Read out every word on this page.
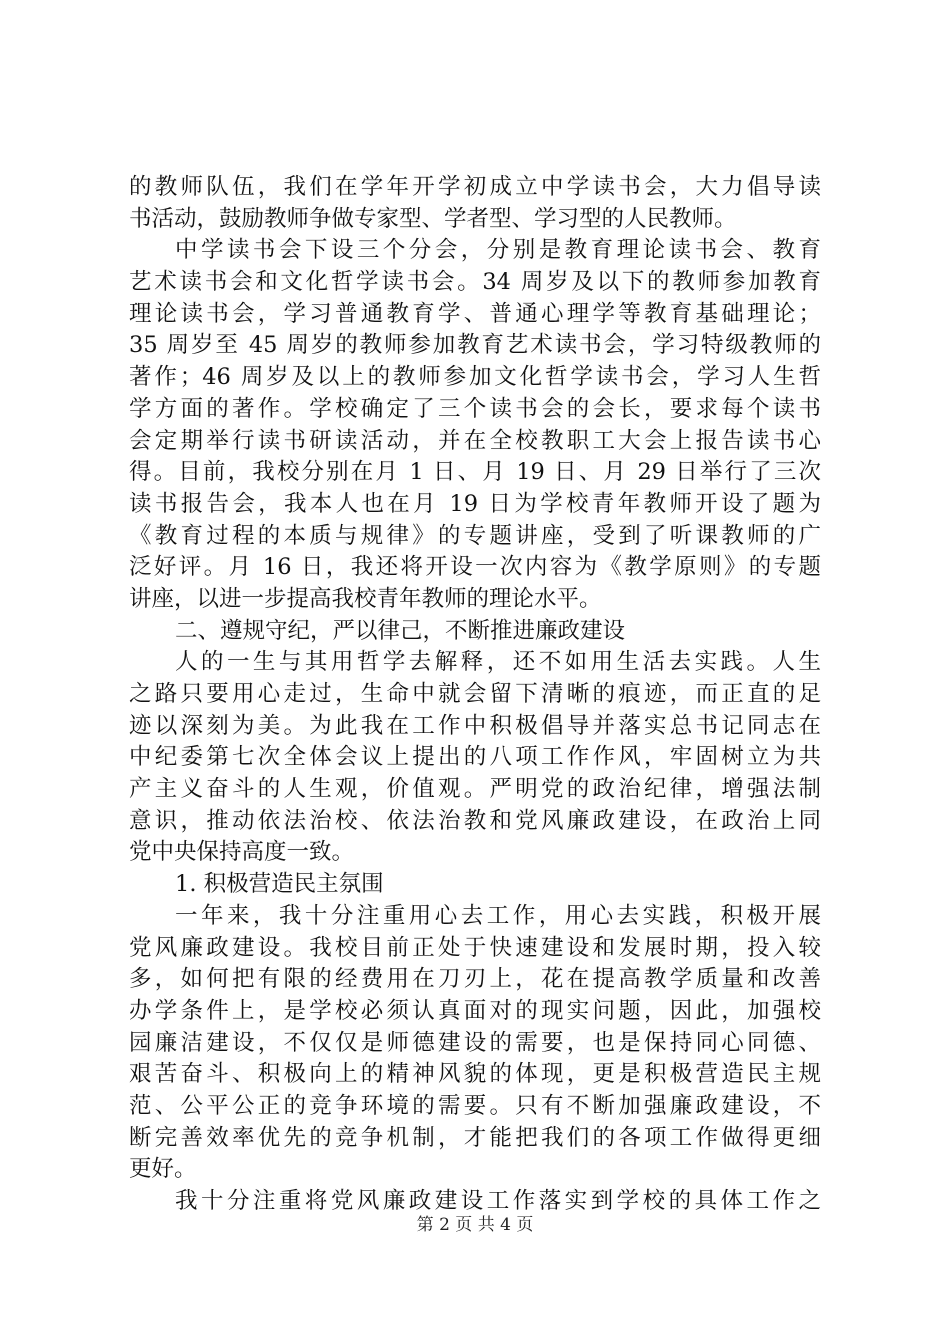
的教师队伍，我们在学年开学初成立中学读书会，大力倡导读
书活动，鼓励教师争做专家型、学者型、学习型的人民教师。
中学读书会下设三个分会，分别是教育理论读书会、教育
艺术读书会和文化哲学读书会。34 周岁及以下的教师参加教育
理论读书会，学习普通教育学、普通心理学等教育基础理论；
35 周岁至 45 周岁的教师参加教育艺术读书会，学习特级教师的
著作；46 周岁及以上的教师参加文化哲学读书会，学习人生哲
学方面的著作。学校确定了三个读书会的会长，要求每个读书
会定期举行读书研读活动，并在全校教职工大会上报告读书心
得。目前，我校分别在月 1 日、月 19 日、月 29 日举行了三次
读书报告会，我本人也在月 19 日为学校青年教师开设了题为
《教育过程的本质与规律》的专题讲座，受到了听课教师的广
泛好评。月 16 日，我还将开设一次内容为《教学原则》的专题
讲座，以进一步提高我校青年教师的理论水平。
二、遵规守纪，严以律己，不断推进廉政建设
人的一生与其用哲学去解释，还不如用生活去实践。人生
之路只要用心走过，生命中就会留下清晰的痕迹，而正直的足
迹以深刻为美。为此我在工作中积极倡导并落实总书记同志在
中纪委第七次全体会议上提出的八项工作作风，牢固树立为共
产主义奋斗的人生观，价值观。严明党的政治纪律，增强法制
意识，推动依法治校、依法治教和党风廉政建设，在政治上同
党中央保持高度一致。
1. 积极营造民主氛围
一年来，我十分注重用心去工作，用心去实践，积极开展
党风廉政建设。我校目前正处于快速建设和发展时期，投入较
多，如何把有限的经费用在刀刃上，花在提高教学质量和改善
办学条件上，是学校必须认真面对的现实问题，因此，加强校
园廉洁建设，不仅仅是师德建设的需要，也是保持同心同德、
艰苦奋斗、积极向上的精神风貌的体现，更是积极营造民主规
范、公平公正的竞争环境的需要。只有不断加强廉政建设，不
断完善效率优先的竞争机制，才能把我们的各项工作做得更细
更好。
我十分注重将党风廉政建设工作落实到学校的具体工作之
第 2 页 共 4 页
